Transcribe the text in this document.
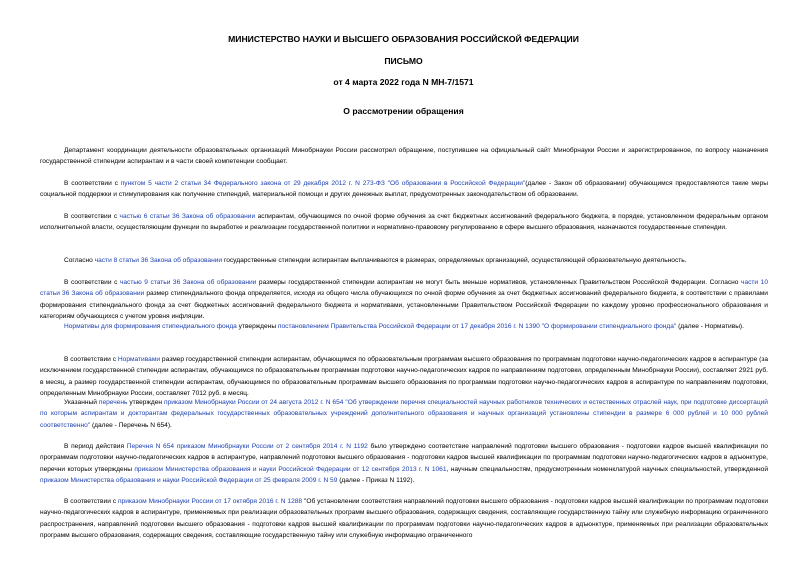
МИНИСТЕРСТВО НАУКИ И ВЫСШЕГО ОБРАЗОВАНИЯ РОССИЙСКОЙ ФЕДЕРАЦИИ
ПИСЬМО
от 4 марта 2022 года N МН-7/1571
О рассмотрении обращения
Департамент координации деятельности образовательных организаций Минобрнауки России рассмотрел обращение, поступившее на официальный сайт Минобрнауки России и зарегистрированное, по вопросу назначения государственной стипендии аспирантам и в части своей компетенции сообщает.
В соответствии с пунктом 5 части 2 статьи 34 Федерального закона от 29 декабря 2012 г. N 273-ФЗ "Об образовании в Российской Федерации"(далее - Закон об образовании) обучающимся предоставляются такие меры социальной поддержки и стимулирования как получение стипендий, материальной помощи и других денежных выплат, предусмотренных законодательством об образовании.
В соответствии с частью 6 статьи 36 Закона об образовании аспирантам, обучающимся по очной форме обучения за счет бюджетных ассигнований федерального бюджета, в порядке, установленном федеральным органом исполнительной власти, осуществляющим функции по выработке и реализации государственной политики и нормативно-правовому регулированию в сфере высшего образования, назначаются государственные стипендии.
Согласно части 8 статьи 36 Закона об образовании государственные стипендии аспирантам выплачиваются в размерах, определяемых организацией, осуществляющей образовательную деятельность.
В соответствии с частью 9 статьи 36 Закона об образовании размеры государственной стипендии аспирантам не могут быть меньше нормативов, установленных Правительством Российской Федерации. Согласно части 10 статьи 36 Закона об образовании размер стипендиального фонда определяется, исходя из общего числа обучающихся по очной форме обучения за счет бюджетных ассигнований федерального бюджета, в соответствии с правилами формирования стипендиального фонда за счет бюджетных ассигнований федерального бюджета и нормативами, установленными Правительством Российской Федерации по каждому уровню профессионального образования и категориям обучающихся с учетом уровня инфляции.
Нормативы для формирования стипендиального фонда утверждены постановлением Правительства Российской Федерации от 17 декабря 2016 г. N 1390 "О формировании стипендиального фонда" (далее - Нормативы).
В соответствии с Нормативами размер государственной стипендии аспирантам, обучающимся по образовательным программам высшего образования по программам подготовки научно-педагогических кадров в аспирантуре (за исключением государственной стипендии аспирантам, обучающимся по образовательным программам подготовки научно-педагогических кадров по направлениям подготовки, определенным Минобрнауки России), составляет 2921 руб. в месяц, а размер государственной стипендии аспирантам, обучающимся по образовательным программам высшего образования по программам подготовки научно-педагогических кадров в аспирантуре по направлениям подготовки, определенным Минобрнауки России, составляет 7012 руб. в месяц.
Указанный перечень утвержден приказом Минобрнауки России от 24 августа 2012 г. N 654 "Об утверждении перечня специальностей научных работников технических и естественных отраслей наук, при подготовке диссертаций по которым аспирантам и докторантам федеральных государственных образовательных учреждений дополнительного образования и научных организаций установлены стипендии в размере 6 000 рублей и 10 000 рублей соответственно" (далее - Перечень N 654).
В период действия Перечня N 654 приказом Минобрнауки России от 2 сентября 2014 г. N 1192 было утверждено соответствие направлений подготовки высшего образования - подготовки кадров высшей квалификации по программам подготовки научно-педагогических кадров в аспирантуре, направлений подготовки высшего образования - подготовки кадров высшей квалификации по программам подготовки научно-педагогических кадров в адъюнктуре, перечни которых утверждены приказом Министерства образования и науки Российской Федерации от 12 сентября 2013 г. N 1061, научным специальностям, предусмотренным номенклатурой научных специальностей, утвержденной приказом Министерства образования и науки Российской Федерации от 25 февраля 2009 г. N 59 (далее - Приказ N 1192).
В соответствии с приказом Минобрнауки России от 17 октября 2016 г. N 1288 "Об установлении соответствия направлений подготовки высшего образования - подготовки кадров высшей квалификации по программам подготовки научно-педагогических кадров в аспирантуре, применяемых при реализации образовательных программ высшего образования, содержащих сведения, составляющие государственную тайну или служебную информацию ограниченного распространения, направлений подготовки высшего образования - подготовки кадров высшей квалификации по программам подготовки научно-педагогических кадров в адъюнктуре, применяемых при реализации образовательных программ высшего образования, содержащих сведения, составляющие государственную тайну или служебную информацию ограниченного
